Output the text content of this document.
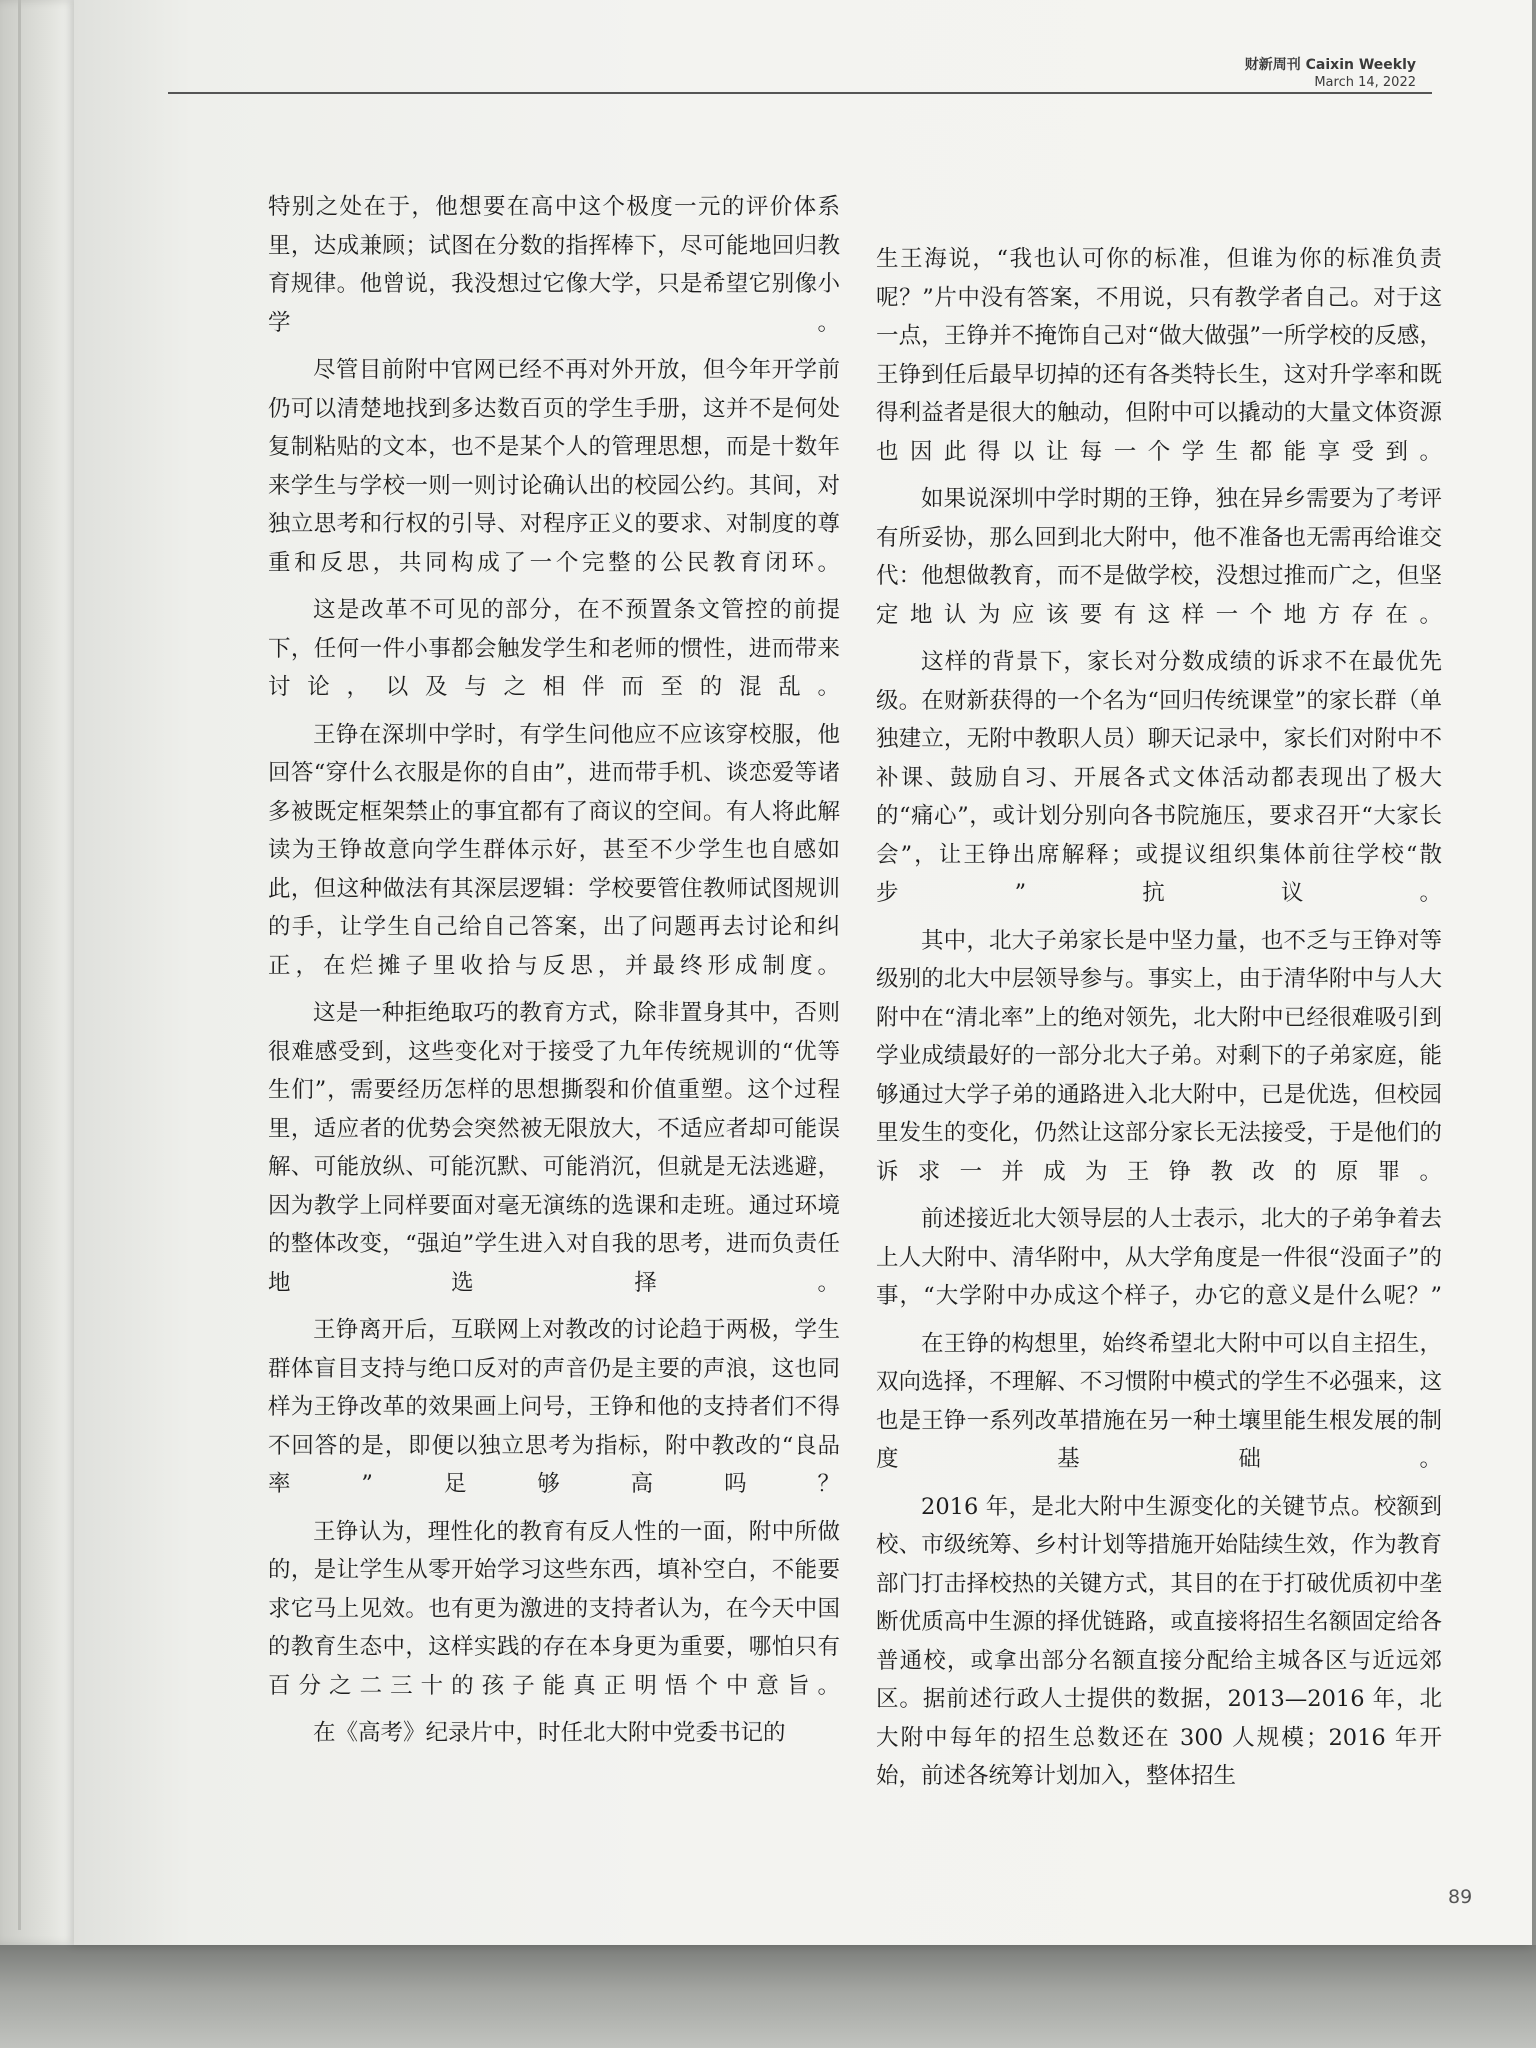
财新周刊 Caixin Weekly
March 14, 2022

特别之处在于，他想要在高中这个极度一元的评价体系里，达成兼顾；试图在分数的指挥棒下，尽可能地回归教育规律。他曾说，我没想过它像大学，只是希望它别像小学。

尽管目前附中官网已经不再对外开放，但今年开学前仍可以清楚地找到多达数百页的学生手册，这并不是何处复制粘贴的文本，也不是某个人的管理思想，而是十数年来学生与学校一则一则讨论确认出的校园公约。其间，对独立思考和行权的引导、对程序正义的要求、对制度的尊重和反思，共同构成了一个完整的公民教育闭环。

这是改革不可见的部分，在不预置条文管控的前提下，任何一件小事都会触发学生和老师的惯性，进而带来讨论，以及与之相伴而至的混乱。

王铮在深圳中学时，有学生问他应不应该穿校服，他回答“穿什么衣服是你的自由”，进而带手机、谈恋爱等诸多被既定框架禁止的事宜都有了商议的空间。有人将此解读为王铮故意向学生群体示好，甚至不少学生也自感如此，但这种做法有其深层逻辑：学校要管住教师试图规训的手，让学生自己给自己答案，出了问题再去讨论和纠正，在烂摊子里收拾与反思，并最终形成制度。

这是一种拒绝取巧的教育方式，除非置身其中，否则很难感受到，这些变化对于接受了九年传统规训的“优等生们”，需要经历怎样的思想撕裂和价值重塑。这个过程里，适应者的优势会突然被无限放大，不适应者却可能误解、可能放纵、可能沉默、可能消沉，但就是无法逃避，因为教学上同样要面对毫无演练的选课和走班。通过环境的整体改变，“强迫”学生进入对自我的思考，进而负责任地选择。

王铮离开后，互联网上对教改的讨论趋于两极，学生群体盲目支持与绝口反对的声音仍是主要的声浪，这也同样为王铮改革的效果画上问号，王铮和他的支持者们不得不回答的是，即便以独立思考为指标，附中教改的“良品率”足够高吗？

王铮认为，理性化的教育有反人性的一面，附中所做的，是让学生从零开始学习这些东西，填补空白，不能要求它马上见效。也有更为激进的支持者认为，在今天中国的教育生态中，这样实践的存在本身更为重要，哪怕只有百分之二三十的孩子能真正明悟个中意旨。

在《高考》纪录片中，时任北大附中党委书记的

生王海说，“我也认可你的标准，但谁为你的标准负责呢？”片中没有答案，不用说，只有教学者自己。对于这一点，王铮并不掩饰自己对“做大做强”一所学校的反感，王铮到任后最早切掉的还有各类特长生，这对升学率和既得利益者是很大的触动，但附中可以撬动的大量文体资源也因此得以让每一个学生都能享受到。

如果说深圳中学时期的王铮，独在异乡需要为了考评有所妥协，那么回到北大附中，他不准备也无需再给谁交代：他想做教育，而不是做学校，没想过推而广之，但坚定地认为应该要有这样一个地方存在。

这样的背景下，家长对分数成绩的诉求不在最优先级。在财新获得的一个名为“回归传统课堂”的家长群（单独建立，无附中教职人员）聊天记录中，家长们对附中不补课、鼓励自习、开展各式文体活动都表现出了极大的“痛心”，或计划分别向各书院施压，要求召开“大家长会”，让王铮出席解释；或提议组织集体前往学校“散步”抗议。

其中，北大子弟家长是中坚力量，也不乏与王铮对等级别的北大中层领导参与。事实上，由于清华附中与人大附中在“清北率”上的绝对领先，北大附中已经很难吸引到学业成绩最好的一部分北大子弟。对剩下的子弟家庭，能够通过大学子弟的通路进入北大附中，已是优选，但校园里发生的变化，仍然让这部分家长无法接受，于是他们的诉求一并成为王铮教改的原罪。

前述接近北大领导层的人士表示，北大的子弟争着去上人大附中、清华附中，从大学角度是一件很“没面子”的事，“大学附中办成这个样子，办它的意义是什么呢？”

在王铮的构想里，始终希望北大附中可以自主招生，双向选择，不理解、不习惯附中模式的学生不必强来，这也是王铮一系列改革措施在另一种土壤里能生根发展的制度基础。

2016 年，是北大附中生源变化的关键节点。校额到校、市级统筹、乡村计划等措施开始陆续生效，作为教育部门打击择校热的关键方式，其目的在于打破优质初中垄断优质高中生源的择优链路，或直接将招生名额固定给各普通校，或拿出部分名额直接分配给主城各区与近远郊区。据前述行政人士提供的数据，2013—2016 年，北大附中每年的招生总数还在 300 人规模；2016 年开始，前述各统筹计划加入，整体招生

89
